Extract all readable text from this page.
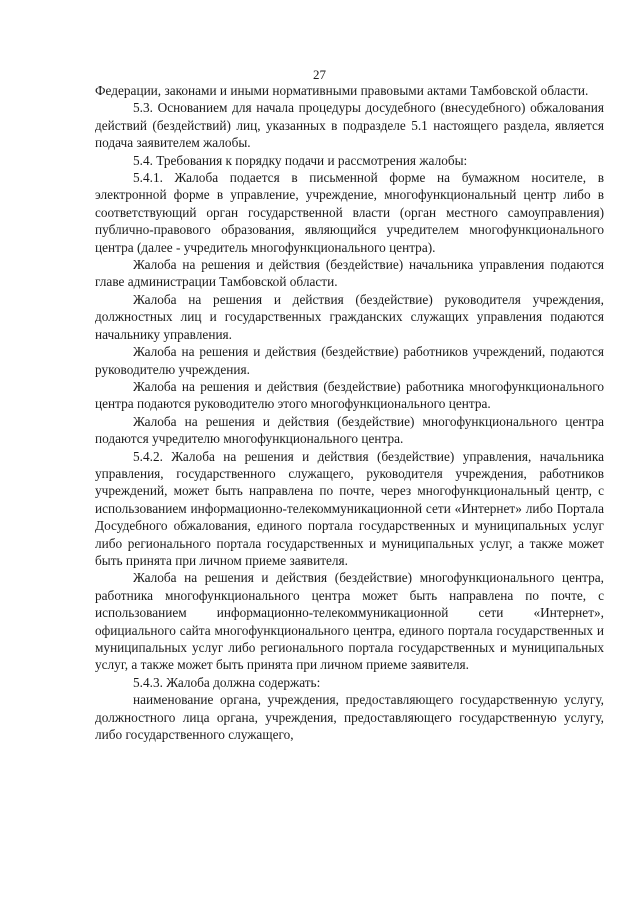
27

Федерации, законами и иными нормативными правовыми актами Тамбовской области.

5.3. Основанием для начала процедуры досудебного (внесудебного) обжалования действий (бездействий) лиц, указанных в подразделе 5.1 настоящего раздела, является подача заявителем жалобы.

5.4. Требования к порядку подачи и рассмотрения жалобы:

5.4.1. Жалоба подается в письменной форме на бумажном носителе, в электронной форме в управление, учреждение, многофункциональный центр либо в соответствующий орган государственной власти (орган местного самоуправления) публично-правового образования, являющийся учредителем многофункционального центра (далее - учредитель многофункционального центра).

Жалоба на решения и действия (бездействие) начальника управления подаются главе администрации Тамбовской области.

Жалоба на решения и действия (бездействие) руководителя учреждения, должностных лиц и государственных гражданских служащих управления подаются начальнику управления.

Жалоба на решения и действия (бездействие) работников учреждений, подаются руководителю учреждения.

Жалоба на решения и действия (бездействие) работника многофункционального центра подаются руководителю этого многофункционального центра.

Жалоба на решения и действия (бездействие) многофункционального центра подаются учредителю многофункционального центра.

5.4.2. Жалоба на решения и действия (бездействие) управления, начальника управления, государственного служащего, руководителя учреждения, работников учреждений, может быть направлена по почте, через многофункциональный центр, с использованием информационно-телекоммуникационной сети «Интернет» либо Портала Досудебного обжалования, единого портала государственных и муниципальных услуг либо регионального портала государственных и муниципальных услуг, а также может быть принята при личном приеме заявителя.

Жалоба на решения и действия (бездействие) многофункционального центра, работника многофункционального центра может быть направлена по почте, с использованием информационно-телекоммуникационной сети «Интернет», официального сайта многофункционального центра, единого портала государственных и муниципальных услуг либо регионального портала государственных и муниципальных услуг, а также может быть принята при личном приеме заявителя.

5.4.3. Жалоба должна содержать:

наименование органа, учреждения, предоставляющего государственную услугу, должностного лица органа, учреждения, предоставляющего государственную услугу, либо государственного служащего,
